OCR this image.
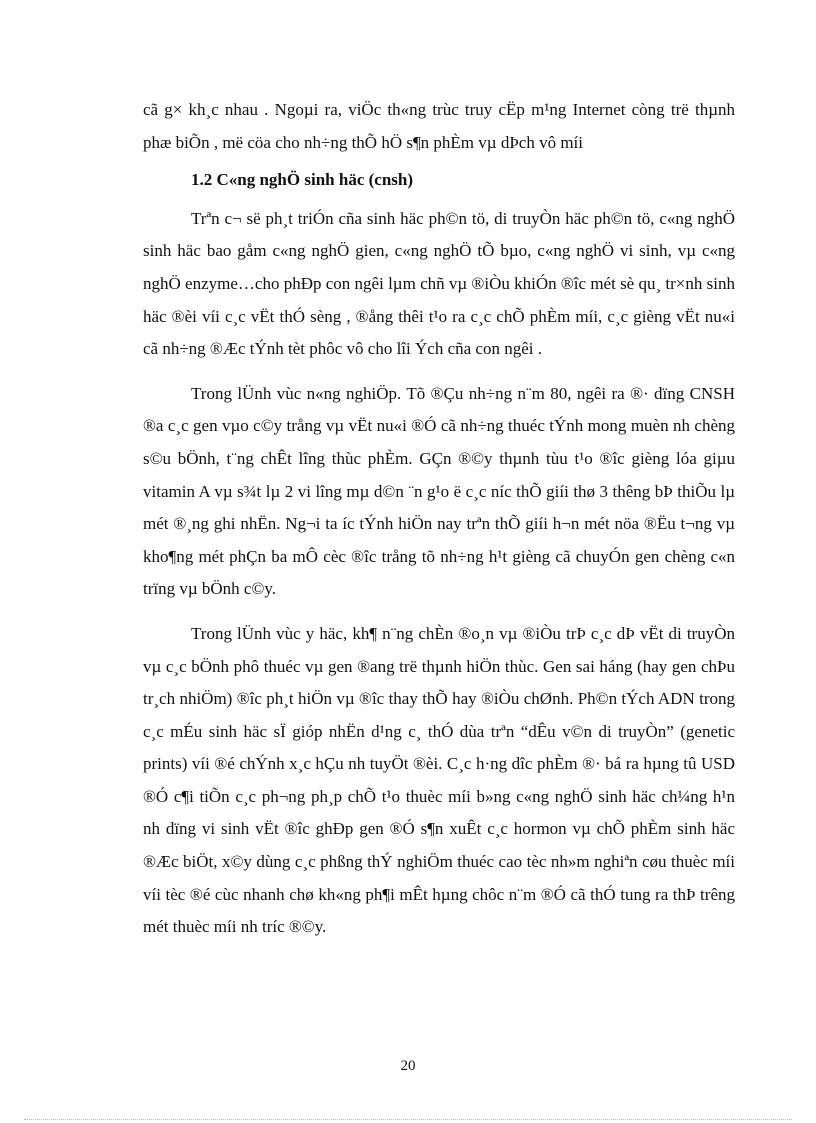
cã g× kh¸c nhau . Ngoµi ra, viÖc th«ng trùc truy cËp m¹ng Internet còng trë thµnh phæ biÕn , më cöa cho nh÷ng thÕ hÖ s¶n phÈm vµ dÞch vô míi

1.2 C«ng nghÖ sinh häc (cnsh)

Trªn c¬ së ph¸t triÓn cña sinh häc ph©n tö, di truyÒn häc ph©n tö, c«ng nghÖ sinh häc bao gåm c«ng nghÖ gien, c«ng nghÖ tÕ bµo, c«ng nghÖ vi sinh, vµ c«ng nghÖ enzyme…cho phÐp con ngêi lµm chñ vµ ®iÒu khiÓn ®îc mét sè qu¸ tr×nh sinh häc ®èi víi c¸c vËt thÓ sèng , ®ång thêi t¹o ra c¸c chÕ phÈm míi, c¸c gièng vËt nu«i cã nh÷ng ®Æc tÝnh tèt phôc vô cho lîi Ých cña con ngêi .

Trong lÜnh vùc n«ng nghiÖp. Tõ ®Çu nh÷ng n¨m 80, ngêi ra ®· dïng CNSH ®a c¸c gen vµo c©y trång vµ vËt nu«i ®Ó cã nh÷ng thuéc tÝnh mong muèn nh chèng s©u bÖnh, t¨ng chÊt lîng thùc phÈm. GÇn ®©y thµnh tùu t¹o ®îc gièng lóa giµu vitamin A vµ s¾t lµ 2 vi lîng mµ d©n ¨n g¹o ë c¸c níc thÕ giíi thø 3 thêng bÞ thiÕu lµ mét ®¸ng ghi nhËn. Ng¬i ta íc tÝnh hiÖn nay trªn thÕ giíi h¬n mét nöa ®Ëu t¬ng vµ kho¶ng mét phÇn ba mÔ cèc ®îc trång tõ nh÷ng h¹t gièng cã chuyÓn gen chèng c«n trïng vµ bÖnh c©y.

Trong lÜnh vùc y häc, kh¶ n¨ng chÈn ®o¸n vµ ®iÒu trÞ c¸c dÞ vËt di truyÒn vµ c¸c bÖnh phô thuéc vµ gen ®ang trë thµnh hiÖn thùc. Gen sai háng (hay gen chÞu tr¸ch nhiÖm) ®îc ph¸t hiÖn vµ ®îc thay thÕ hay ®iÒu chØnh. Ph©n tÝch ADN trong c¸c mÉu sinh häc sÏ gióp nhËn d¹ng c¸ thÓ dùa trªn “dÊu v©n di truyÒn” (genetic prints) víi ®é chÝnh x¸c hÇu nh tuyÖt ®èi. C¸c h·ng dîc phÈm ®· bá ra hµng tû USD ®Ó c¶i tiÕn c¸c ph¬ng ph¸p chÕ t¹o thuèc míi b»ng c«ng nghÖ sinh häc ch¼ng h¹n nh dïng vi sinh vËt ®îc ghÐp gen ®Ó s¶n xuÊt c¸c hormon vµ chÕ phÈm sinh häc ®Æc biÖt, x©y dùng c¸c phßng thÝ nghiÖm thuéc cao tèc nh»m nghiªn cøu thuèc míi víi tèc ®é cùc nhanh chø kh«ng ph¶i mÊt hµng chôc n¨m ®Ó cã thÓ tung ra thÞ trêng mét thuèc míi nh tríc ®©y.

20
